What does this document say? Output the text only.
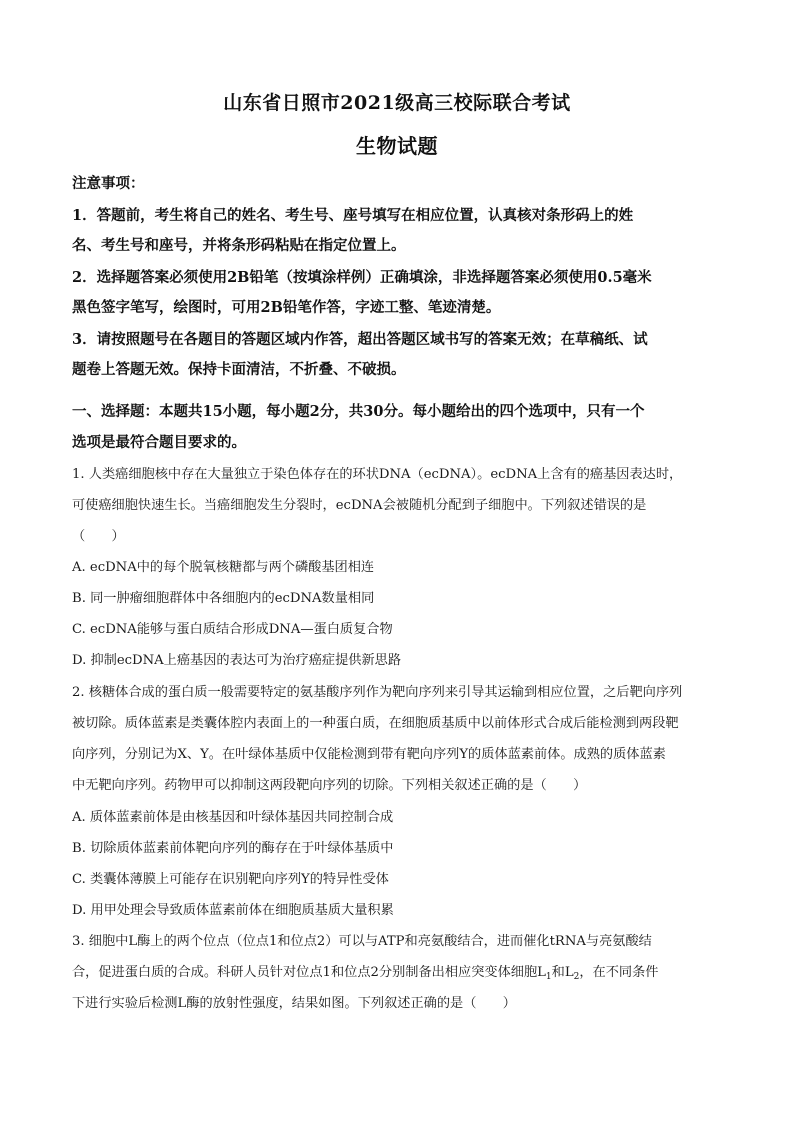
山东省日照市2021级高三校际联合考试
生物试题
注意事项：
1．答题前，考生将自己的姓名、考生号、座号填写在相应位置，认真核对条形码上的姓
名、考生号和座号，并将条形码粘贴在指定位置上。
2．选择题答案必须使用2B铅笔（按填涂样例）正确填涂，非选择题答案必须使用0.5毫米
黑色签字笔写，绘图时，可用2B铅笔作答，字迹工整、笔迹清楚。
3．请按照题号在各题目的答题区域内作答，超出答题区域书写的答案无效；在草稿纸、试
题卷上答题无效。保持卡面清洁，不折叠、不破损。
一、选择题：本题共15小题，每小题2分，共30分。每小题给出的四个选项中，只有一个
选项是最符合题目要求的。
1. 人类癌细胞核中存在大量独立于染色体存在的环状DNA（ecDNA）。ecDNA上含有的癌基因表达时，
可使癌细胞快速生长。当癌细胞发生分裂时，ecDNA会被随机分配到子细胞中。下列叙述错误的是
（　　）
A. ecDNA中的每个脱氧核糖都与两个磷酸基团相连
B. 同一肿瘤细胞群体中各细胞内的ecDNA数量相同
C. ecDNA能够与蛋白质结合形成DNA—蛋白质复合物
D. 抑制ecDNA上癌基因的表达可为治疗癌症提供新思路
2. 核糖体合成的蛋白质一般需要特定的氨基酸序列作为靶向序列来引导其运输到相应位置，之后靶向序列
被切除。质体蓝素是类囊体腔内表面上的一种蛋白质，在细胞质基质中以前体形式合成后能检测到两段靶
向序列，分别记为X、Y。在叶绿体基质中仅能检测到带有靶向序列Y的质体蓝素前体。成熟的质体蓝素
中无靶向序列。药物甲可以抑制这两段靶向序列的切除。下列相关叙述正确的是（　　）
A. 质体蓝素前体是由核基因和叶绿体基因共同控制合成
B. 切除质体蓝素前体靶向序列的酶存在于叶绿体基质中
C. 类囊体薄膜上可能存在识别靶向序列Y的特异性受体
D. 用甲处理会导致质体蓝素前体在细胞质基质大量积累
3. 细胞中L酶上的两个位点（位点1和位点2）可以与ATP和亮氨酸结合，进而催化tRNA与亮氨酸结
合，促进蛋白质的合成。科研人员针对位点1和位点2分别制备出相应突变体细胞$L_1$和$L_2$，在不同条件
下进行实验后检测L酶的放射性强度，结果如图。下列叙述正确的是（　　）
